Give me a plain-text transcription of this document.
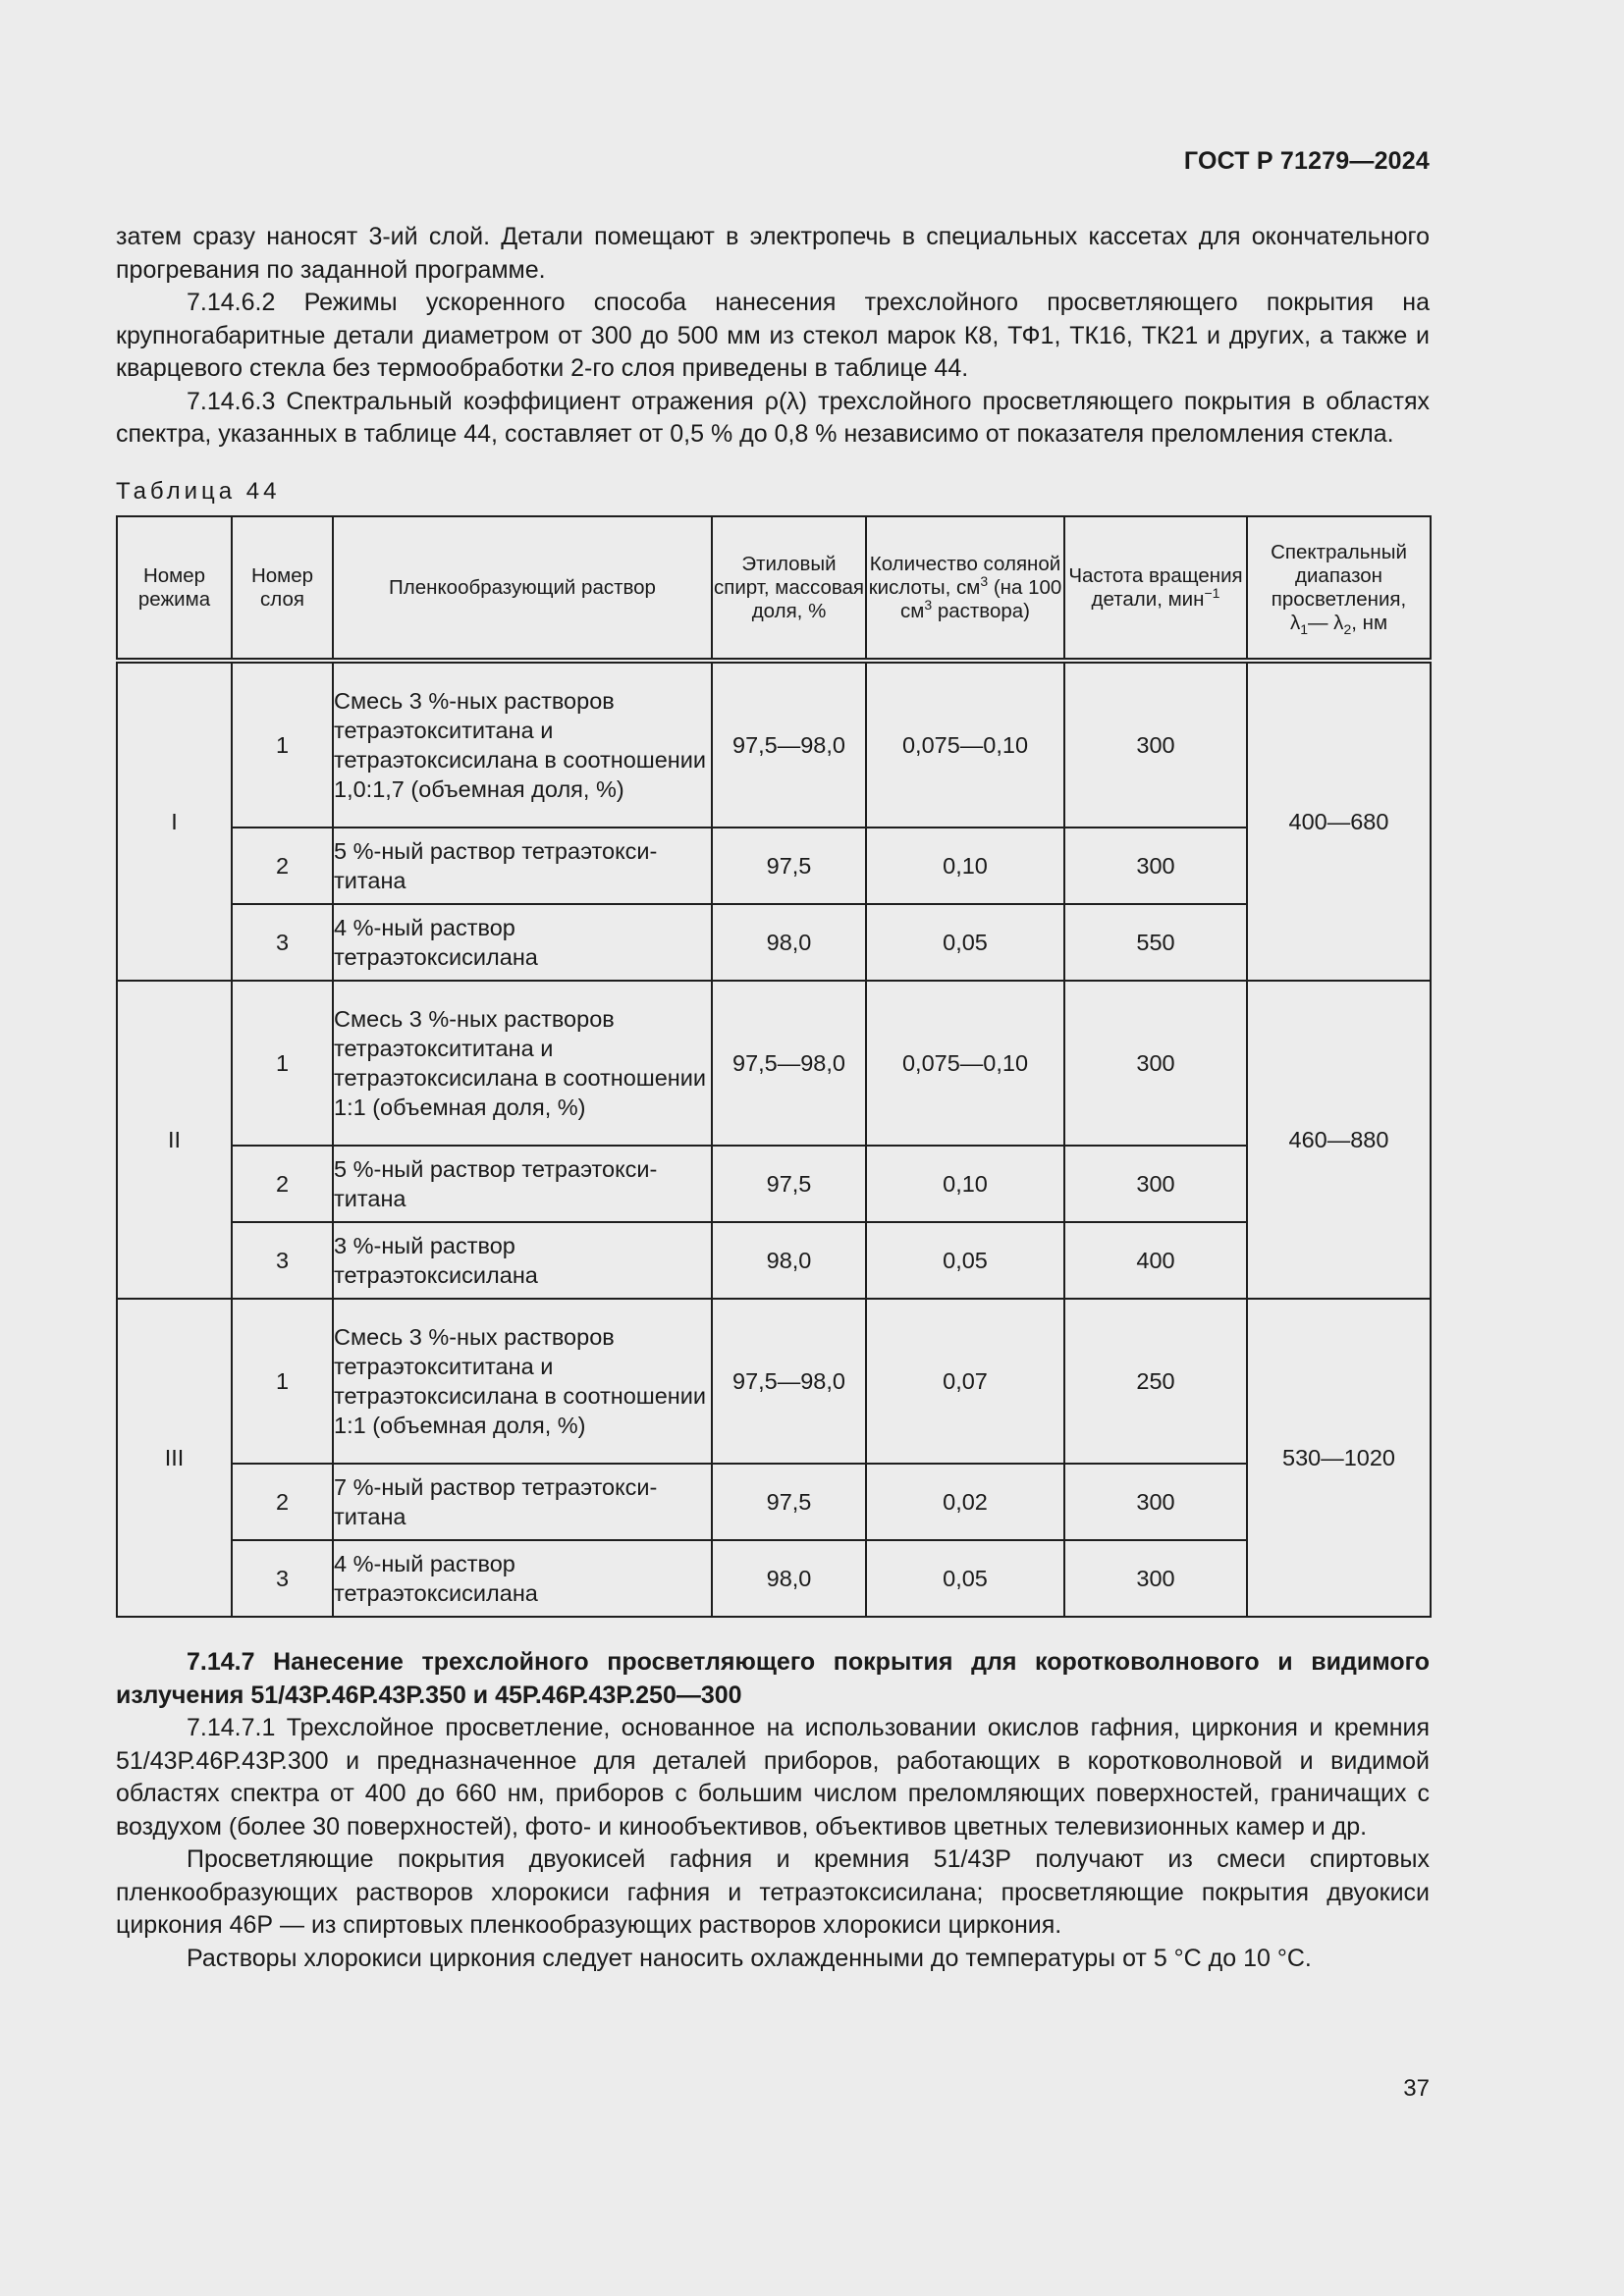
ГОСТ Р 71279—2024

затем сразу наносят 3-ий слой. Детали помещают в электропечь в специальных кассетах для окончательного прогревания по заданной программе.

7.14.6.2 Режимы ускоренного способа нанесения трехслойного просветляющего покрытия на крупногабаритные детали диаметром от 300 до 500 мм из стекол марок К8, ТФ1, ТК16, ТК21 и других, а также и кварцевого стекла без термообработки 2-го слоя приведены в таблице 44.

7.14.6.3 Спектральный коэффициент отражения ρ(λ) трехслойного просветляющего покрытия в областях спектра, указанных в таблице 44, составляет от 0,5 % до 0,8 % независимо от показателя преломления стекла.

Таблица 44
Номер режима	Номер слоя	Пленкообразующий раствор	Этиловый спирт, массовая доля, %	Количество соляной кислоты, $см^3$ (на 100 $см^3$ раствора)	Частота вращения детали, мин$^{-1}$	Спектральный диапазон просветления,
$\lambda_1—$ $\lambda_2$, нм
I	1	Смесь 3 %-ных растворов тетраэтоксититана и тетраэтоксисилана в соотношении 1,0:1,7 (объемная доля, %)	97,5—98,0	0,075—0,10	300	400—680
	2	5 %-ный раствор тетраэтоксититана	97,5	0,10	300	
	3	4 %-ный раствор тетраэтоксисилана	98,0	0,05	550	
II	1	Смесь 3 %-ных растворов тетраэтоксититана и тетраэтоксисилана в соотношении 1:1 (объемная доля, %)	97,5—98,0	0,075—0,10	300	460—880
	2	5 %-ный раствор тетраэтоксититана	97,5	0,10	300	
	3	3 %-ный раствор тетраэтоксисилана	98,0	0,05	400	
III	1	Смесь 3 %-ных растворов тетраэтоксититана и тетраэтоксисилана в соотношении 1:1 (объемная доля, %)	97,5—98,0	0,07	250	530—1020
	2	7 %-ный раствор тетраэтоксититана	97,5	0,02	300	
	3	4 %-ный раствор тетраэтоксисилана	98,0	0,05	300	

7.14.7 Нанесение трехслойного просветляющего покрытия для коротковолнового и видимого излучения 51/43Р.46Р.43Р.350 и 45Р.46Р.43Р.250—300

7.14.7.1 Трехслойное просветление, основанное на использовании окислов гафния, циркония и кремния 51/43Р.46Р.43Р.300 и предназначенное для деталей приборов, работающих в коротковолновой и видимой областях спектра от 400 до 660 нм, приборов с большим числом преломляющих поверхностей, граничащих с воздухом (более 30 поверхностей), фото- и кинообъективов, объективов цветных телевизионных камер и др.

Просветляющие покрытия двуокисей гафния и кремния 51/43Р получают из смеси спиртовых пленкообразующих растворов хлорокиси гафния и тетраэтоксисилана; просветляющие покрытия двуокиси циркония 46Р — из спиртовых пленкообразующих растворов хлорокиси циркония.

Растворы хлорокиси циркония следует наносить охлажденными до температуры от 5 °C до 10 °C.

37
